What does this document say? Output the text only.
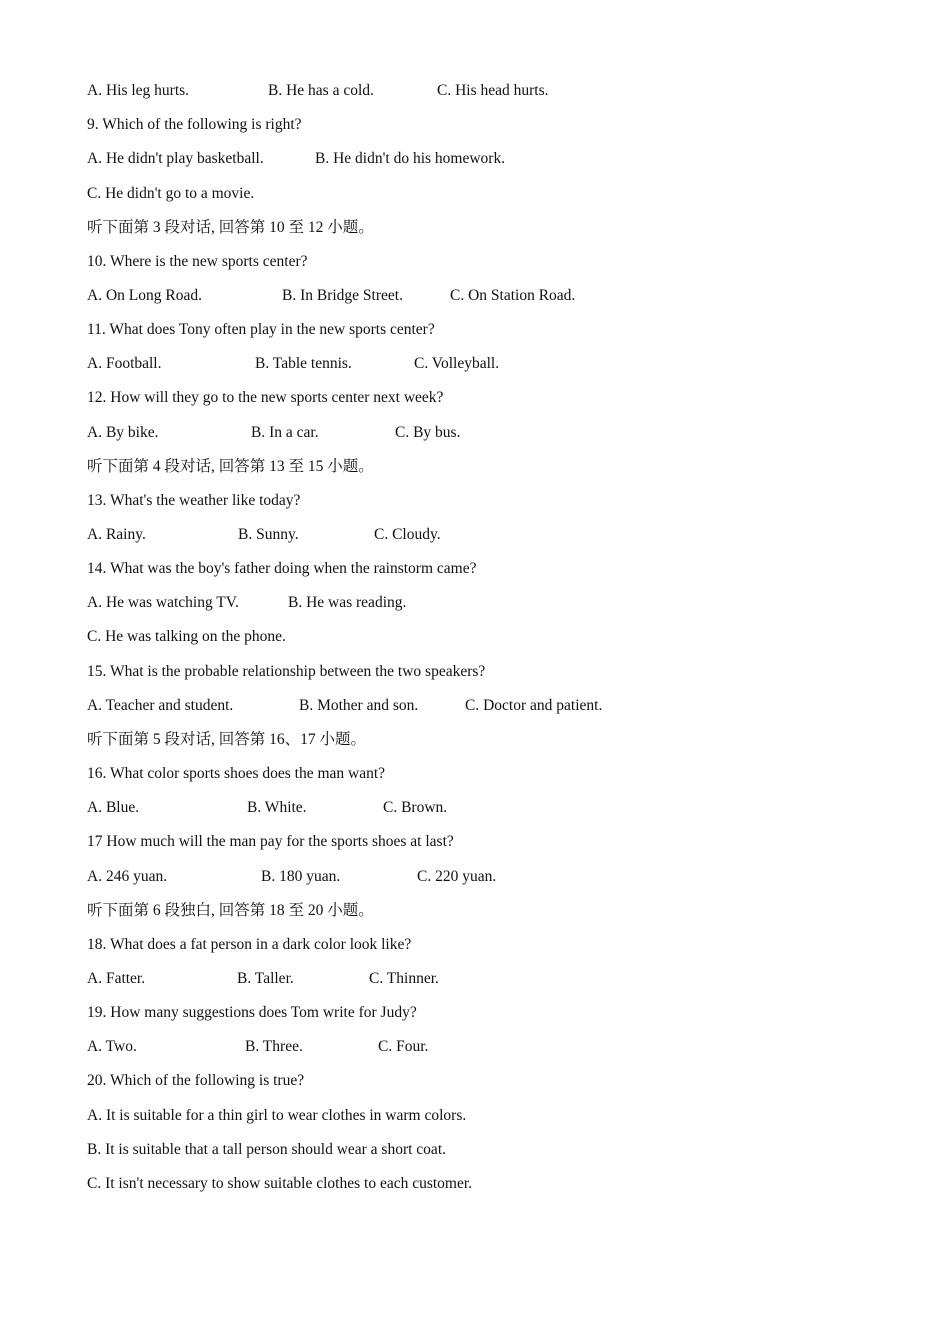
A. His leg hurts.	B. He has a cold.	C. His head hurts.
9. Which of the following is right?
A. He didn't play basketball.	B. He didn't do his homework.
C. He didn't go to a movie.
听下面第 3 段对话, 回答第 10 至 12 小题。
10. Where is the new sports center?
A. On Long Road.	B. In Bridge Street.	C. On Station Road.
11. What does Tony often play in the new sports center?
A. Football.	B. Table tennis.	C. Volleyball.
12. How will they go to the new sports center next week?
A. By bike.	B. In a car.	C. By bus.
听下面第 4 段对话, 回答第 13 至 15 小题。
13. What's the weather like today?
A. Rainy.	B. Sunny.	C. Cloudy.
14. What was the boy's father doing when the rainstorm came?
A. He was watching TV.	B. He was reading.
C. He was talking on the phone.
15. What is the probable relationship between the two speakers?
A. Teacher and student.	B. Mother and son.	C. Doctor and patient.
听下面第 5 段对话, 回答第 16、17 小题。
16. What color sports shoes does the man want?
A. Blue.	B. White.	C. Brown.
17 How much will the man pay for the sports shoes at last?
A. 246 yuan.	B. 180 yuan.	C. 220 yuan.
听下面第 6 段独白, 回答第 18 至 20 小题。
18. What does a fat person in a dark color look like?
A. Fatter.	B. Taller.	C. Thinner.
19. How many suggestions does Tom write for Judy?
A. Two.	B. Three.	C. Four.
20. Which of the following is true?
A. It is suitable for a thin girl to wear clothes in warm colors.
B. It is suitable that a tall person should wear a short coat.
C. It isn't necessary to show suitable clothes to each customer.
